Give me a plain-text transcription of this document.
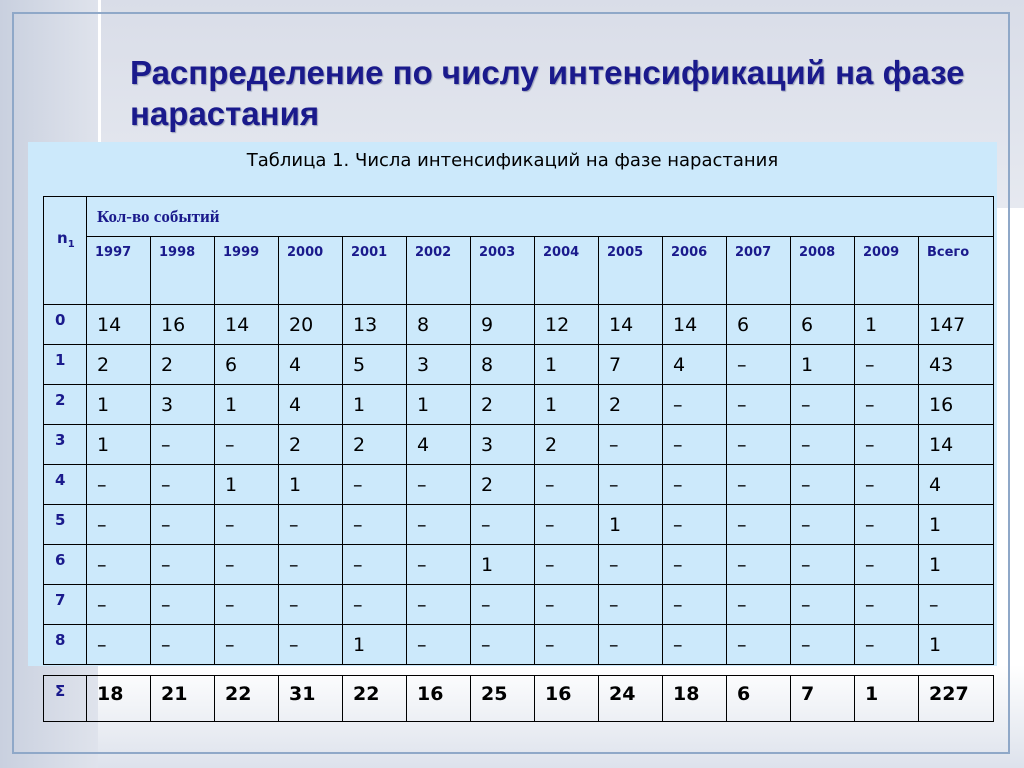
Распределение по числу интенсификаций на фазе нарастания
Таблица 1. Числа интенсификаций на фазе нарастания
$n_1$	Кол-во событий													

	1997	1998	1999	2000	2001	2002	2003	2004	2005	2006	2007	2008	2009	Всего

0	14	16	14	20	13	8	9	12	14	14	6	6	1	147

1	2	2	6	4	5	3	8	1	7	4	–	1	–	43

2	1	3	1	4	1	1	2	1	2	–	–	–	–	16

3	1	–	–	2	2	4	3	2	–	–	–	–	–	14

4	–	–	1	1	–	–	2	–	–	–	–	–	–	4

5	–	–	–	–	–	–	–	–	1	–	–	–	–	1

6	–	–	–	–	–	–	1	–	–	–	–	–	–	1

7	–	–	–	–	–	–	–	–	–	–	–	–	–	–

8	–	–	–	–	1	–	–	–	–	–	–	–	–	1
Σ	18	21	22	31	22	16	25	16	24	18	6	7	1	227
